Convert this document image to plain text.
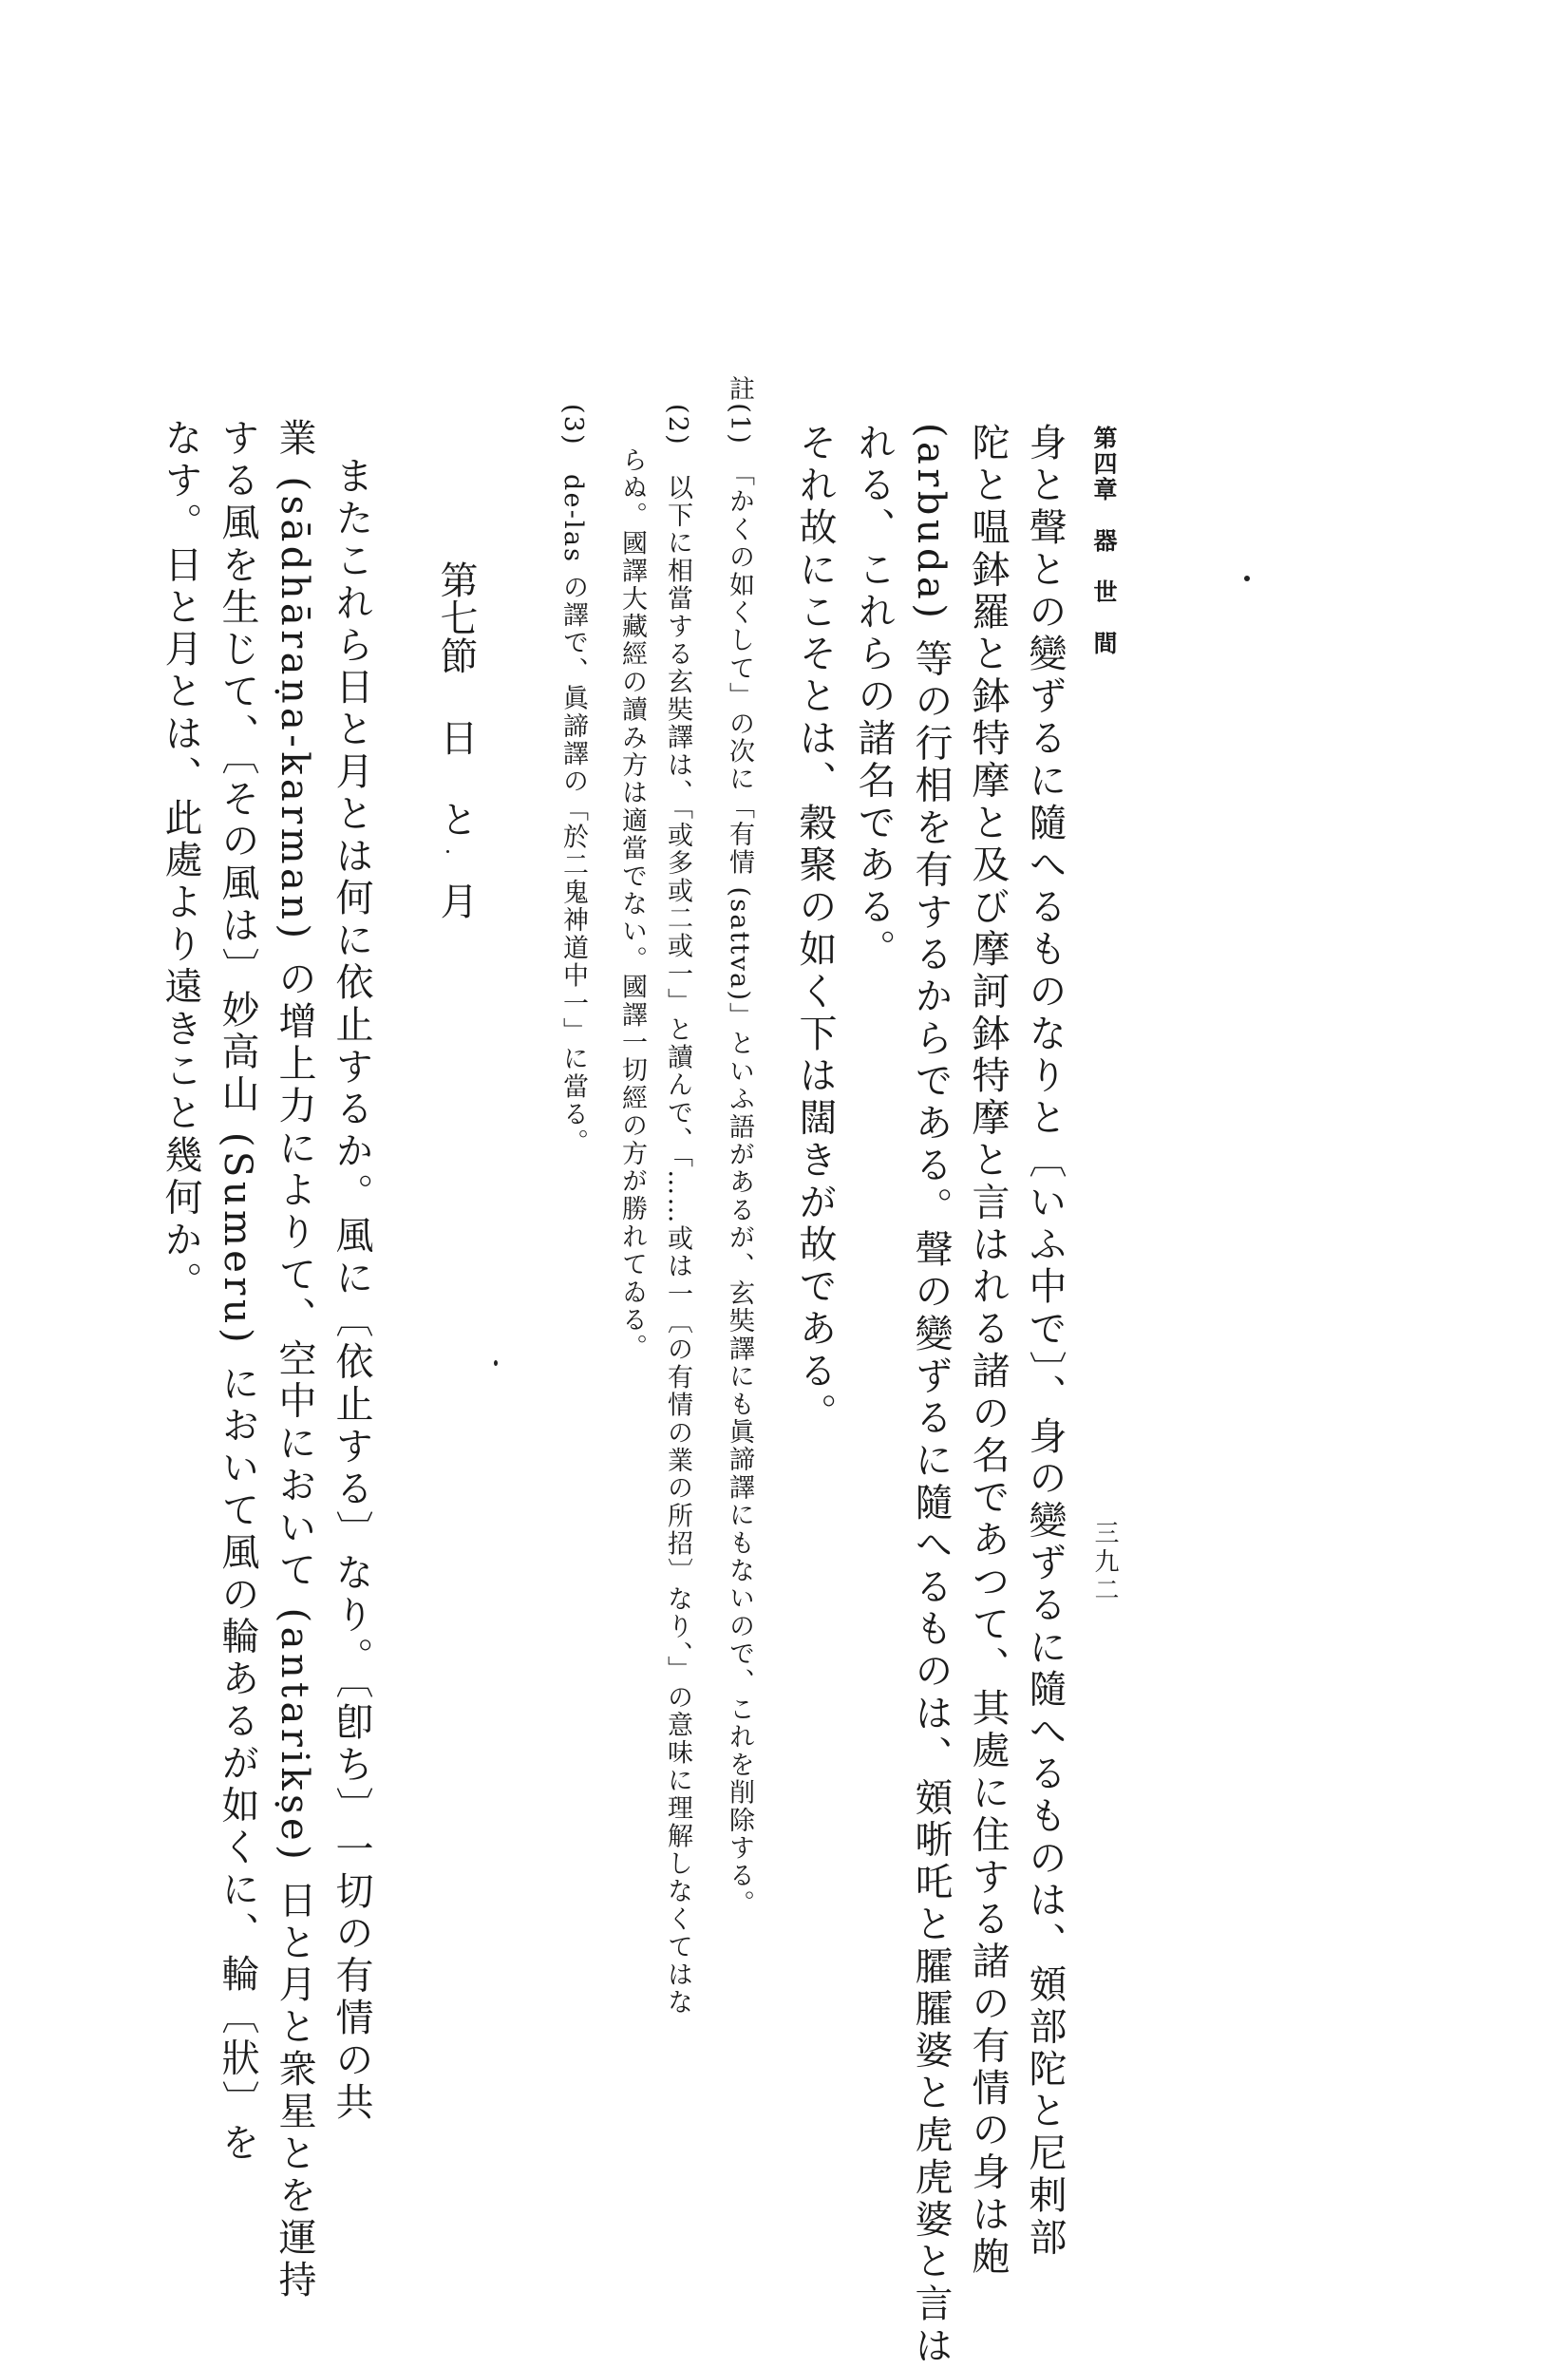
第四章　器　世　間
三九二
身と聲との變ずるに隨へるものなりと〔いふ中で〕、身の變ずるに隨へるものは、頞部陀と尼剌部
陀と嗢鉢羅と鉢特摩と及び摩訶鉢特摩と言はれる諸の名であつて、其處に住する諸の有情の身は皰
(arbuda) 等の行相を有するからである。聲の變ずるに隨へるものは、頞哳吒と臛臛婆と虎虎婆と言は
れる、これらの諸名である。
それ故にこそとは、穀聚の如く下は闊きが故である。
註(1)　「かくの如くして」の次に「有情 (sattva)」といふ語があるが、玄奘譯にも眞諦譯にもないので、これを削除する。
(2)　以下に相當する玄奘譯は、「或多或二或一」と讀んで、「……或は一〔の有情の業の所招〕なり、」の意味に理解しなくてはな
らぬ。國譯大藏經の讀み方は適當でない。國譯一切經の方が勝れてゐる。
(3)　de-las の譯で、眞諦譯の「於二鬼神道中一」に當る。
第七節日と月
またこれら日と月とは何に依止するか。風に〔依止する〕なり。〔卽ち〕一切の有情の共
業 (sādhāraṇa-karman) の增上力によりて、空中において (antarikṣe) 日と月と衆星とを運持
する風を生じて、〔その風は〕妙高山 (Sumeru) において風の輪あるが如くに、輪〔狀〕を
なす。日と月とは、此處より遠きこと幾何か。
